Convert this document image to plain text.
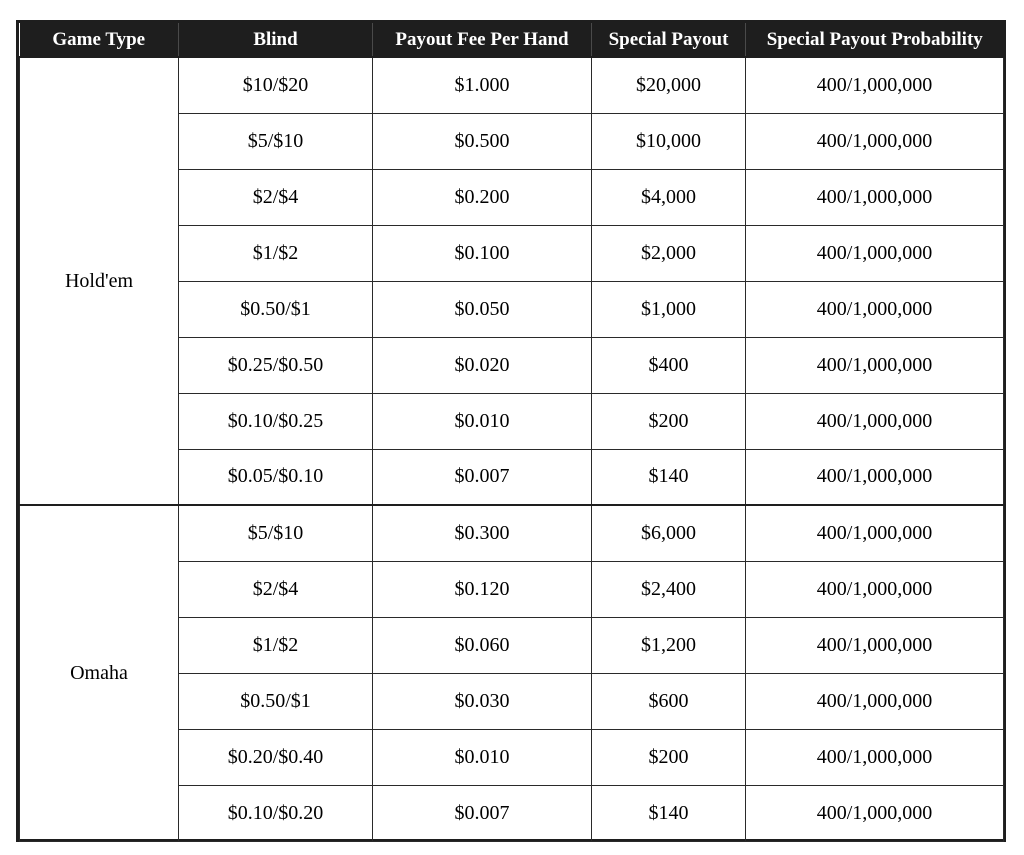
Game Type	Blind	Payout Fee Per Hand	Special Payout	Special Payout Probability
Hold'em	$10/$20	$1.000	$20,000	400/1,000,000
	$5/$10	$0.500	$10,000	400/1,000,000
	$2/$4	$0.200	$4,000	400/1,000,000
	$1/$2	$0.100	$2,000	400/1,000,000
	$0.50/$1	$0.050	$1,000	400/1,000,000
	$0.25/$0.50	$0.020	$400	400/1,000,000
	$0.10/$0.25	$0.010	$200	400/1,000,000
	$0.05/$0.10	$0.007	$140	400/1,000,000
Omaha	$5/$10	$0.300	$6,000	400/1,000,000
	$2/$4	$0.120	$2,400	400/1,000,000
	$1/$2	$0.060	$1,200	400/1,000,000
	$0.50/$1	$0.030	$600	400/1,000,000
	$0.20/$0.40	$0.010	$200	400/1,000,000
	$0.10/$0.20	$0.007	$140	400/1,000,000
